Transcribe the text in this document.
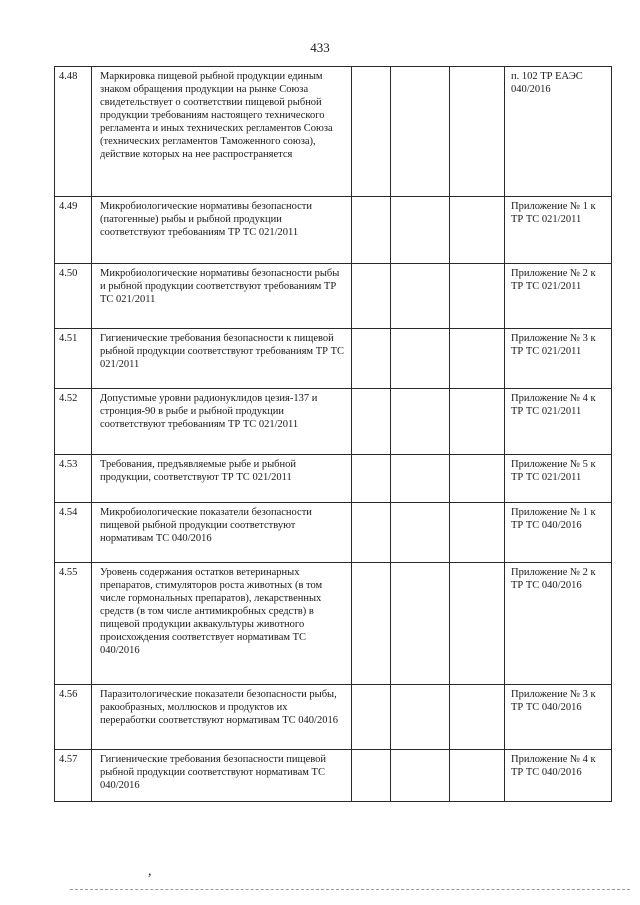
433
4.48	Маркировка пищевой рыбной продукции единым знаком обращения продукции на рынке Союза свидетельствует о соответствии пищевой рыбной продукции требованиям настоящего технического регламента и иных технических регламентов Союза (технических регламентов Таможенного союза), действие которых на нее распространяется				п. 102 ТР ЕАЭС 040/2016
4.49	Микробиологические нормативы безопасности (патогенные) рыбы и рыбной продукции соответствуют требованиям ТР ТС 021/2011				Приложение № 1 к ТР ТС 021/2011
4.50	Микробиологические нормативы безопасности рыбы и рыбной продукции соответствуют требованиям ТР ТС 021/2011				Приложение № 2 к ТР ТС 021/2011
4.51	Гигиенические требования безопасности к пищевой рыбной продукции соответствуют требованиям ТР ТС 021/2011				Приложение № 3 к ТР ТС 021/2011
4.52	Допустимые уровни радионуклидов цезия-137 и стронция-90 в рыбе и рыбной продукции соответствуют требованиям ТР ТС 021/2011				Приложение № 4 к ТР ТС 021/2011
4.53	Требования, предъявляемые рыбе и рыбной продукции, соответствуют ТР ТС 021/2011				Приложение № 5 к ТР ТС 021/2011
4.54	Микробиологические показатели безопасности пищевой рыбной продукции соответствуют нормативам ТС 040/2016				Приложение № 1 к ТР ТС 040/2016
4.55	Уровень содержания остатков ветеринарных препаратов, стимуляторов роста животных (в том числе гормональных препаратов), лекарственных средств (в том числе антимикробных средств) в пищевой продукции аквакультуры животного происхождения соответствует нормативам ТС 040/2016				Приложение № 2 к ТР ТС 040/2016
4.56	Паразитологические показатели безопасности рыбы, ракообразных, моллюсков и продуктов их переработки соответствуют нормативам ТС 040/2016				Приложение № 3 к ТР ТС 040/2016
4.57	Гигиенические требования безопасности пищевой рыбной продукции соответствуют нормативам ТС 040/2016				Приложение № 4 к ТР ТС 040/2016
,
